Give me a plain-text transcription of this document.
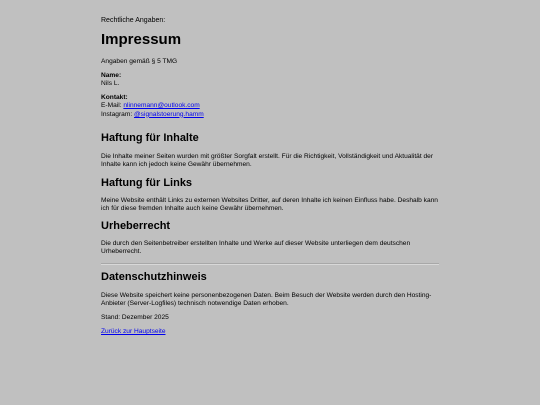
Rechtliche Angaben:

Impressum

Angaben gemäß § 5 TMG

Name:

Nils L.

Kontakt:

E-Mail: nlinnemann@outlook.com

Instagram: @signalstoerung.hamm

Haftung für Inhalte

Die Inhalte meiner Seiten wurden mit größter Sorgfalt erstellt. Für die Richtigkeit, Vollständigkeit und Aktualität der Inhalte kann ich jedoch keine Gewähr übernehmen.

Haftung für Links

Meine Website enthält Links zu externen Websites Dritter, auf deren Inhalte ich keinen Einfluss habe. Deshalb kann ich für diese fremden Inhalte auch keine Gewähr übernehmen.

Urheberrecht

Die durch den Seitenbetreiber erstellten Inhalte und Werke auf dieser Website unterliegen dem deutschen Urheberrecht.

Datenschutzhinweis

Diese Website speichert keine personenbezogenen Daten. Beim Besuch der Website werden durch den Hosting-Anbieter (Server-Logfiles) technisch notwendige Daten erhoben.

Stand: Dezember 2025

Zurück zur Hauptseite
